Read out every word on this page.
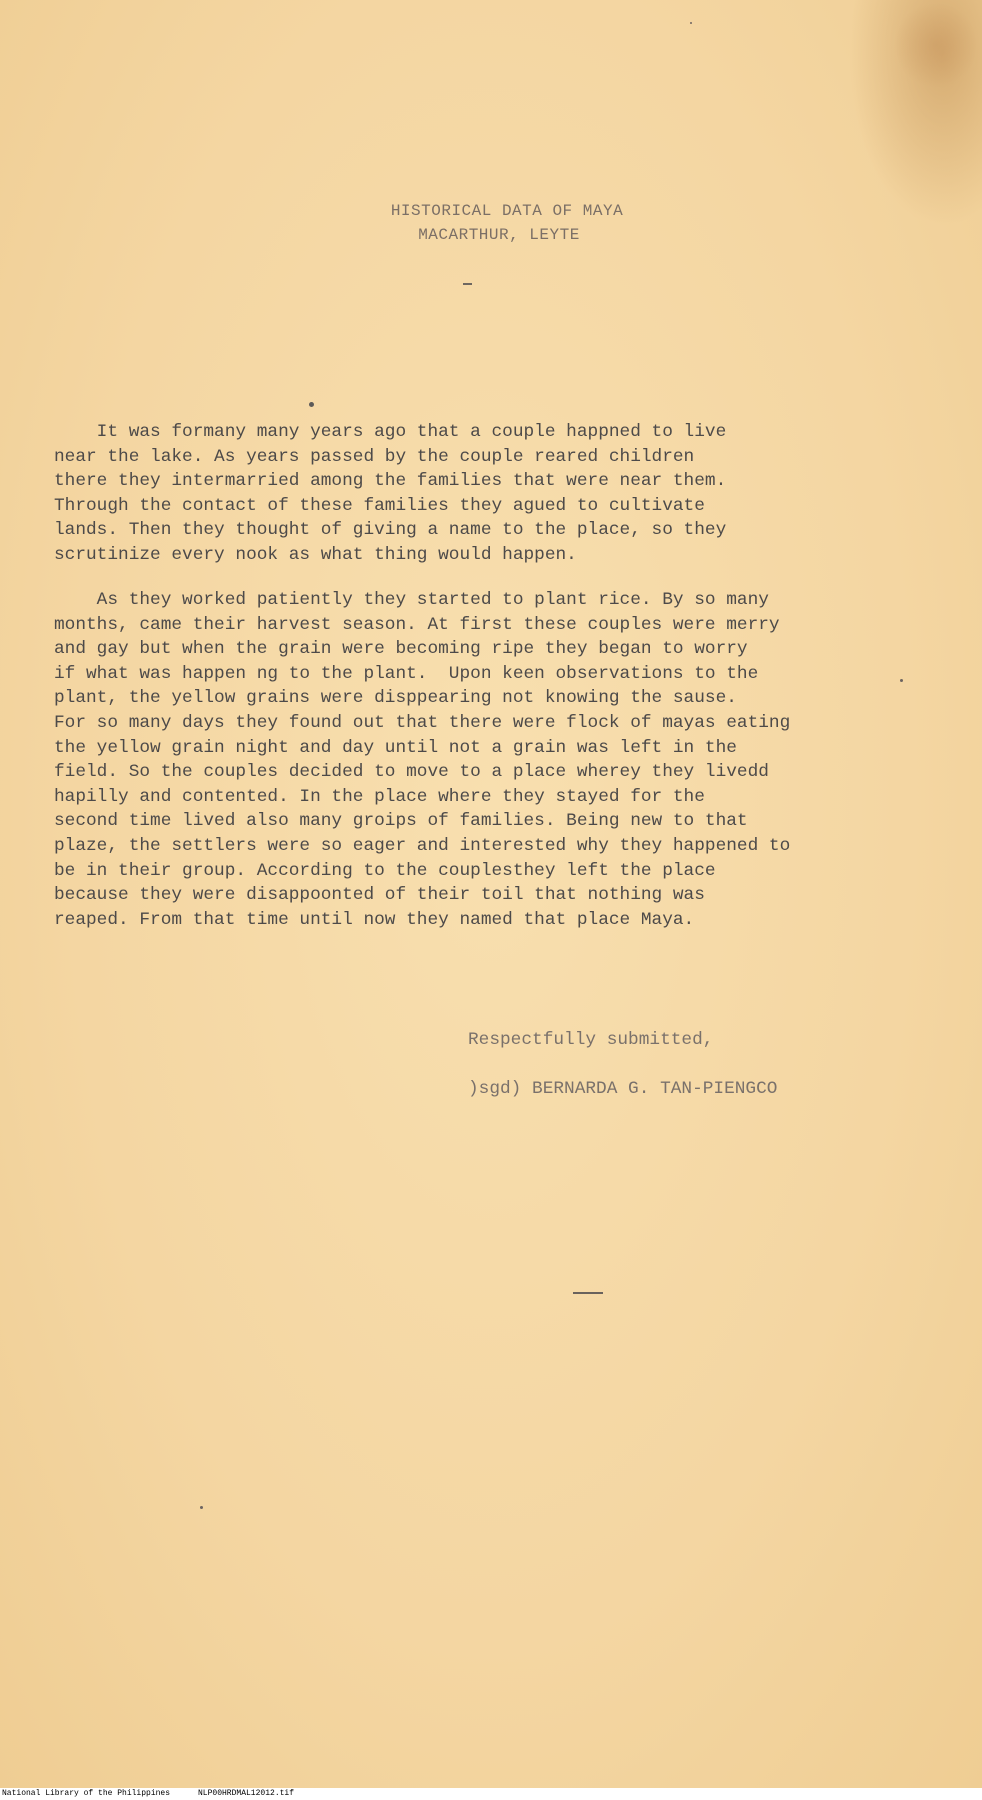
HISTORICAL DATA OF MAYA
MACARTHUR, LEYTE
It was formany many years ago that a couple happned to live
near the lake. As years passed by the couple reared children
there they intermarried among the families that were near them.
Through the contact of these families they agued to cultivate
lands. Then they thought of giving a name to the place, so they
scrutinize every nook as what thing would happen.
As they worked patiently they started to plant rice. By so many
months, came their harvest season. At first these couples were merry
and gay but when the grain were becoming ripe they began to worry
if what was happen ng to the plant.  Upon keen observations to the
plant, the yellow grains were disppearing not knowing the sause.
For so many days they found out that there were flock of mayas eating
the yellow grain night and day until not a grain was left in the
field. So the couples decided to move to a place wherey they livedd
hapilly and contented. In the place where they stayed for the
second time lived also many groips of families. Being new to that
plaze, the settlers were so eager and interested why they happened to
be in their group. According to the couplesthey left the place
because they were disappoonted of their toil that nothing was
reaped. From that time until now they named that place Maya.
Respectfully submitted,
)sgd) BERNARDA G. TAN-PIENGCO
National Library of the Philippines	NLP00HRDMAL12012.tif
